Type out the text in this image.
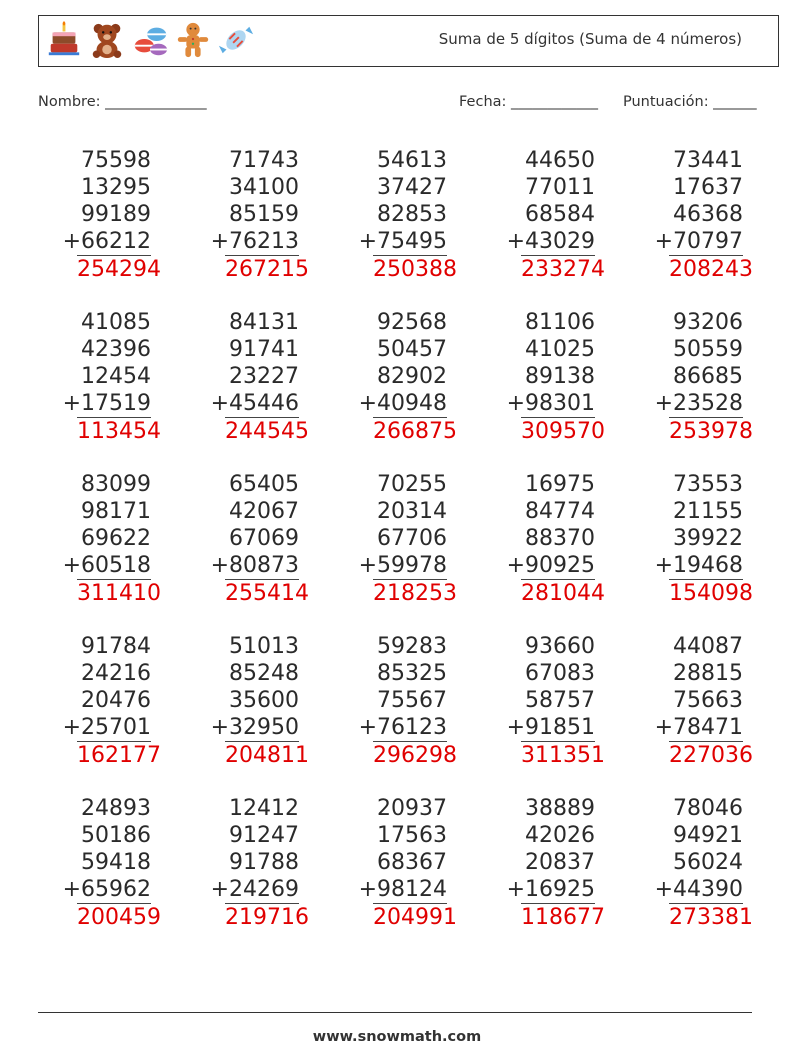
Suma de 5 dígitos (Suma de 4 números)
Nombre: ______________	Fecha: ____________ Puntuación: ______
75598
13295
99189
+66212
254294
71743
34100
85159
+76213
267215
54613
37427
82853
+75495
250388
44650
77011
68584
+43029
233274
73441
17637
46368
+70797
208243
41085
42396
12454
+17519
113454
84131
91741
23227
+45446
244545
92568
50457
82902
+40948
266875
81106
41025
89138
+98301
309570
93206
50559
86685
+23528
253978
83099
98171
69622
+60518
311410
65405
42067
67069
+80873
255414
70255
20314
67706
+59978
218253
16975
84774
88370
+90925
281044
73553
21155
39922
+19468
154098
91784
24216
20476
+25701
162177
51013
85248
35600
+32950
204811
59283
85325
75567
+76123
296298
93660
67083
58757
+91851
311351
44087
28815
75663
+78471
227036
24893
50186
59418
+65962
200459
12412
91247
91788
+24269
219716
20937
17563
68367
+98124
204991
38889
42026
20837
+16925
118677
78046
94921
56024
+44390
273381
www.snowmath.com
